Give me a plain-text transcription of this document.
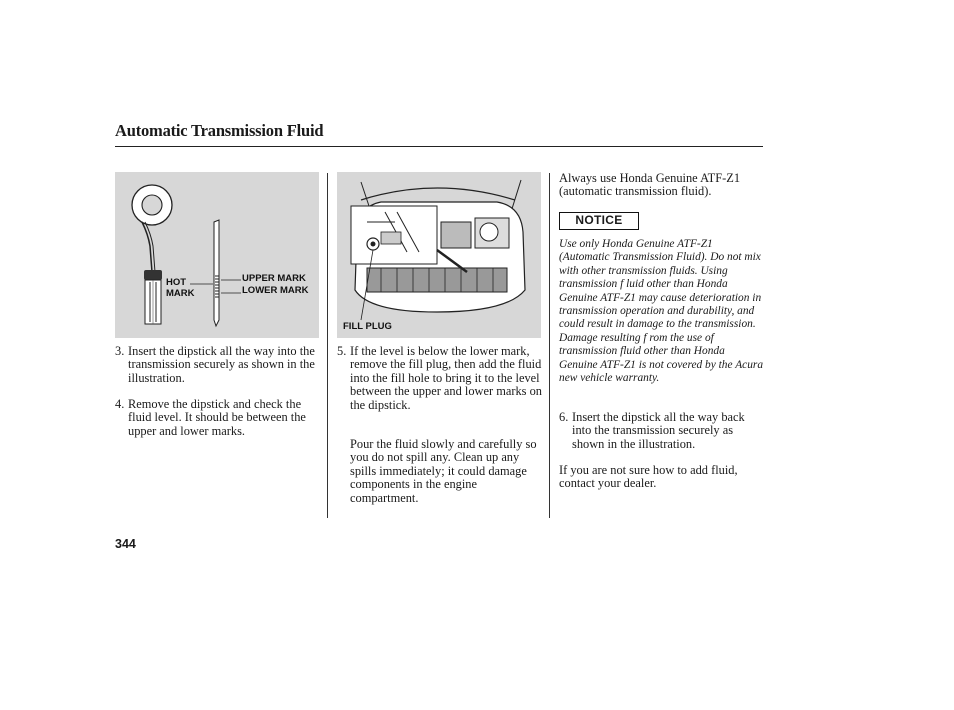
Automatic Transmission Fluid
HOT
MARK
UPPER MARK
LOWER MARK
FILL PLUG
3. Insert the dipstick all the way into the transmission securely as shown in the illustration.
4. Remove the dipstick and check the fluid level. It should be between the upper and lower marks.
5. If the level is below the lower mark, remove the fill plug, then add the fluid into the fill hole to bring it to the level between the upper and lower marks on the dipstick.
Pour the fluid slowly and carefully so you do not spill any. Clean up any spills immediately; it could damage components in the engine compartment.
Always use Honda Genuine ATF-Z1 (automatic transmission fluid).
NOTICE
Use only Honda Genuine ATF-Z1 (Automatic Transmission Fluid). Do not mix with other transmission fluids. Using transmission f luid other than Honda Genuine ATF-Z1 may cause deterioration in transmission operation and durability, and could result in damage to the transmission.
Damage resulting f rom the use of transmission fluid other than Honda Genuine ATF-Z1 is not covered by the Acura new vehicle warranty.
6. Insert the dipstick all the way back into the transmission securely as shown in the illustration.
If you are not sure how to add fluid, contact your dealer.
344
